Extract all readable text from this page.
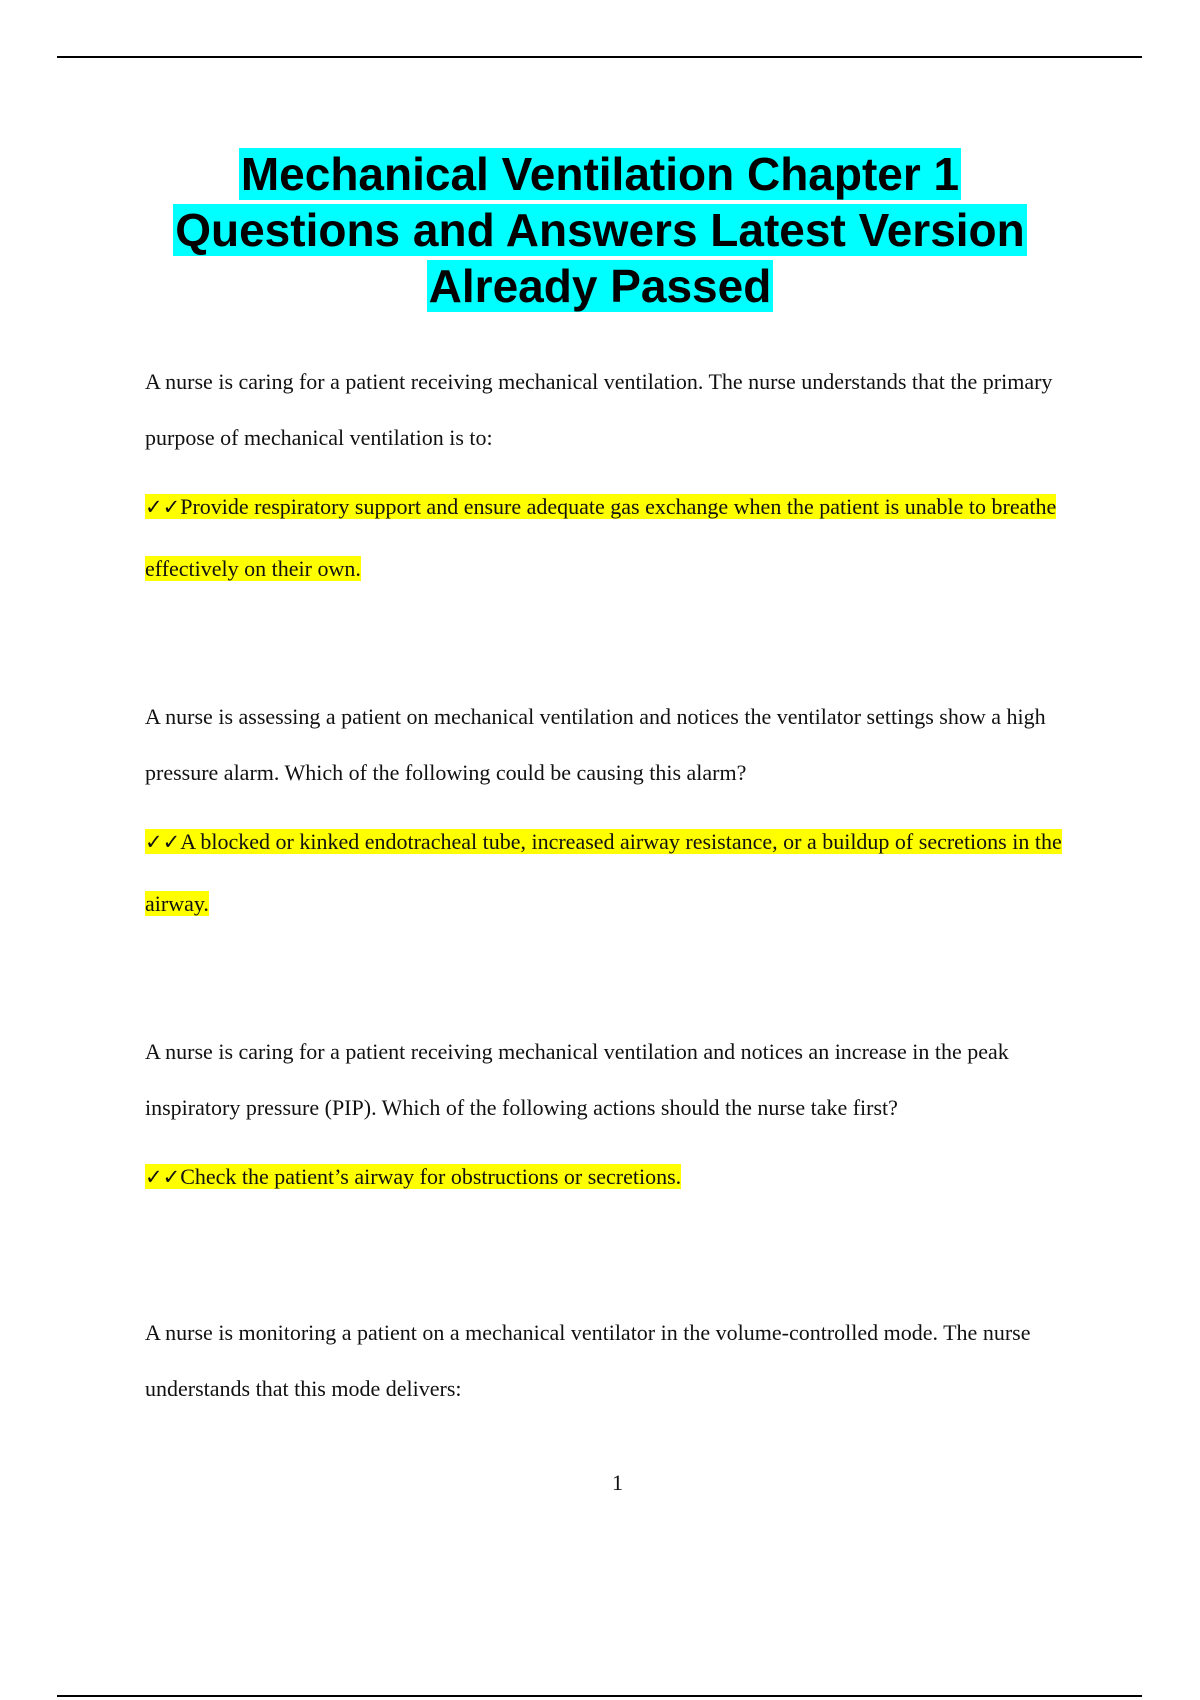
Mechanical Ventilation Chapter 1
Questions and Answers Latest Version
Already Passed

A nurse is caring for a patient receiving mechanical ventilation. The nurse understands that the primary purpose of mechanical ventilation is to:

✓✓Provide respiratory support and ensure adequate gas exchange when the patient is unable to breathe effectively on their own.

A nurse is assessing a patient on mechanical ventilation and notices the ventilator settings show a high pressure alarm. Which of the following could be causing this alarm?

✓✓A blocked or kinked endotracheal tube, increased airway resistance, or a buildup of secretions in the airway.

A nurse is caring for a patient receiving mechanical ventilation and notices an increase in the peak inspiratory pressure (PIP). Which of the following actions should the nurse take first?

✓✓Check the patient’s airway for obstructions or secretions.

A nurse is monitoring a patient on a mechanical ventilator in the volume-controlled mode. The nurse understands that this mode delivers:

1
